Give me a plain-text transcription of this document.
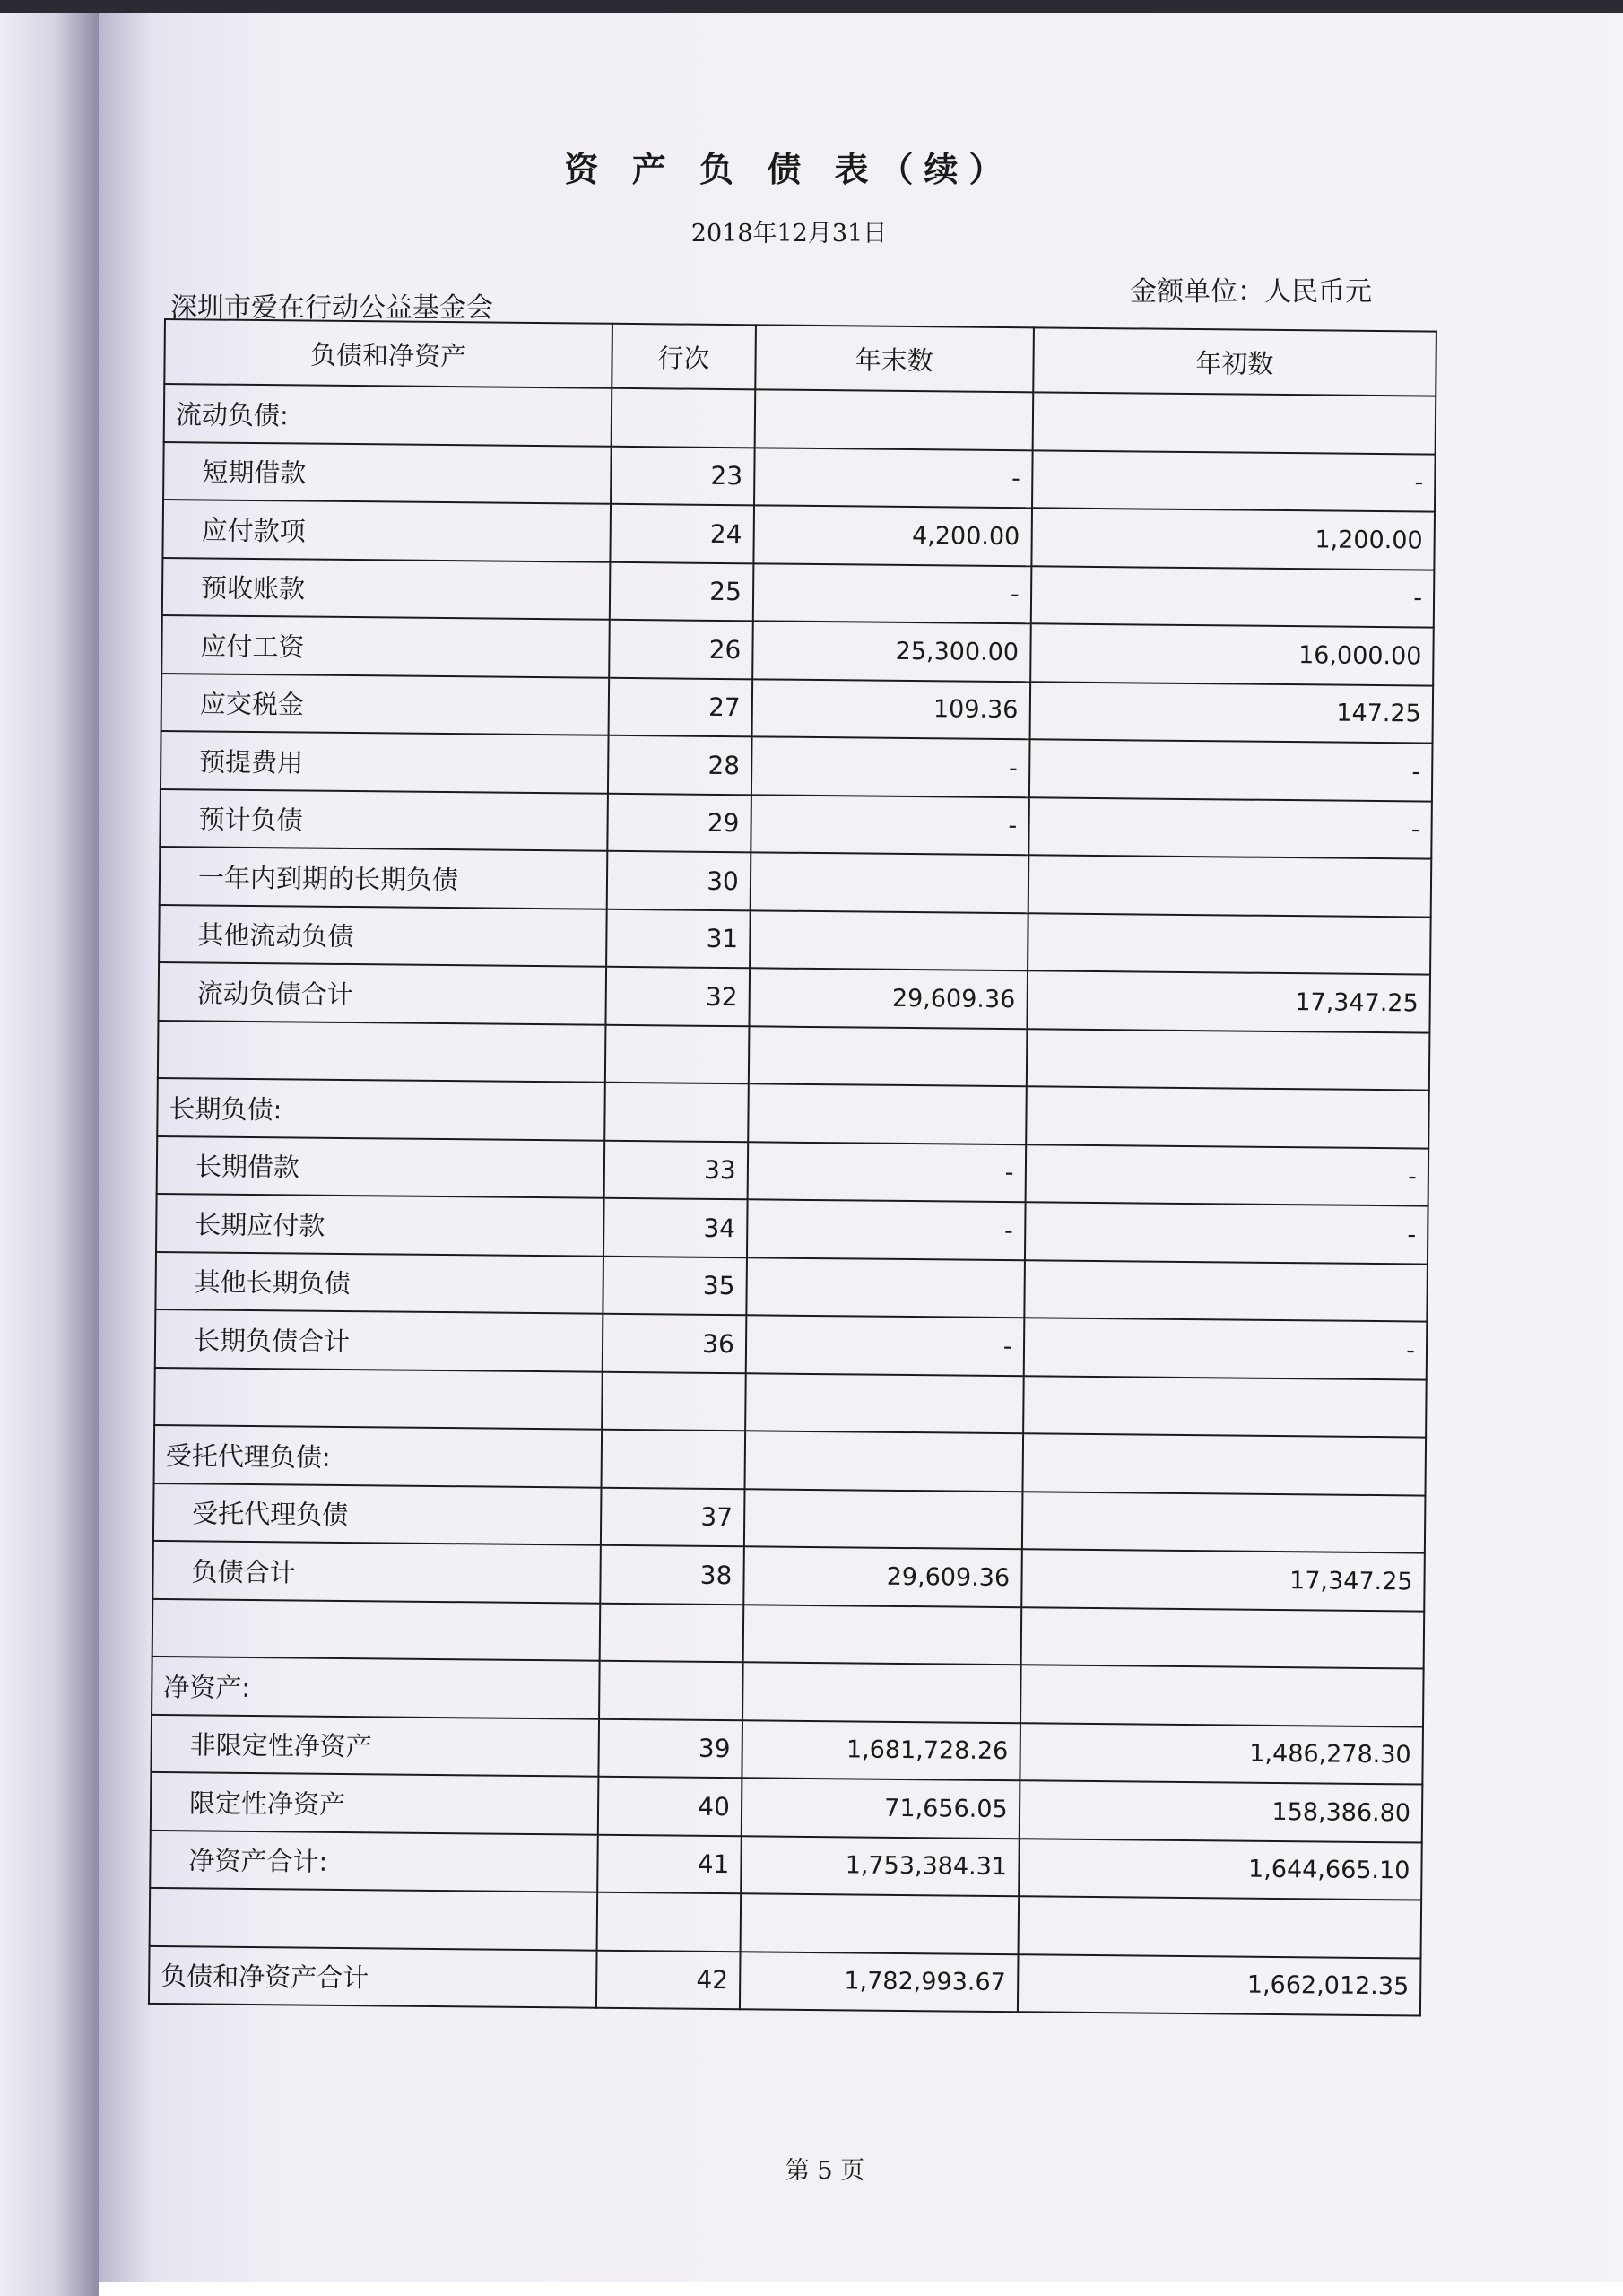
资 产 负 债 表（续）
2018年12月31日
深圳市爱在行动公益基金会
金额单位：人民币元
负债和净资产	行次	年末数	年初数
流动负债:			
短期借款	23	-	-
应付款项	24	4,200.00	1,200.00
预收账款	25	-	-
应付工资	26	25,300.00	16,000.00
应交税金	27	109.36	147.25
预提费用	28	-	-
预计负债	29	-	-
一年内到期的长期负债	30		
其他流动负债	31		
流动负债合计	32	29,609.36	17,347.25

长期负债:			
长期借款	33	-	-
长期应付款	34	-	-
其他长期负债	35		
长期负债合计	36	-	-

受托代理负债:			
受托代理负债	37		
负债合计	38	29,609.36	17,347.25

净资产:			
非限定性净资产	39	1,681,728.26	1,486,278.30
限定性净资产	40	71,656.05	158,386.80
净资产合计:	41	1,753,384.31	1,644,665.10

负债和净资产合计	42	1,782,993.67	1,662,012.35
第 5 页
